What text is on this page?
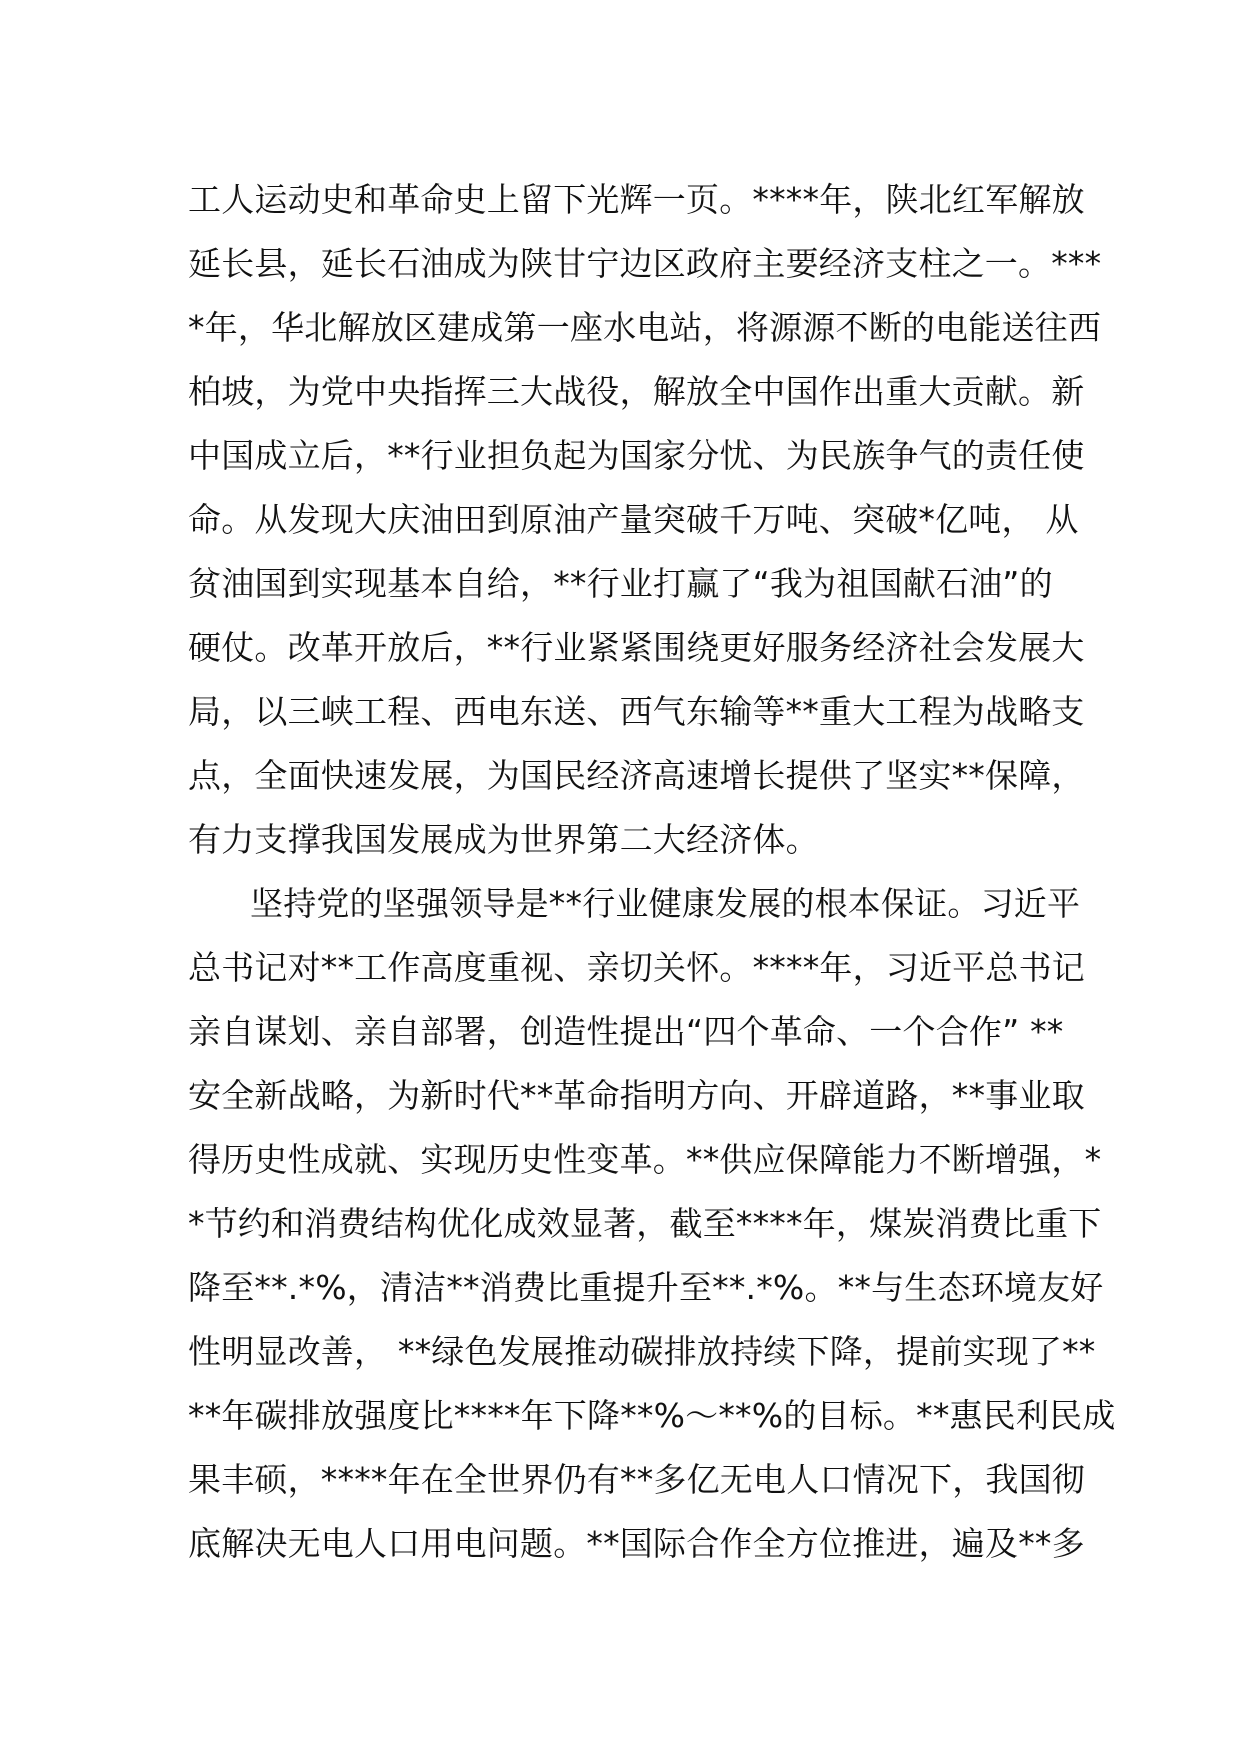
工人运动史和革命史上留下光辉一页。****年，陕北红军解放
延长县，延长石油成为陕甘宁边区政府主要经济支柱之一。***
*年，华北解放区建成第一座水电站，将源源不断的电能送往西
柏坡，为党中央指挥三大战役，解放全中国作出重大贡献。新
中国成立后，**行业担负起为国家分忧、为民族争气的责任使
命。从发现大庆油田到原油产量突破千万吨、突破*亿吨， 从
贫油国到实现基本自给，**行业打赢了“我为祖国献石油”的
硬仗。改革开放后，**行业紧紧围绕更好服务经济社会发展大
局，以三峡工程、西电东送、西气东输等**重大工程为战略支
点，全面快速发展，为国民经济高速增长提供了坚实**保障，
有力支撑我国发展成为世界第二大经济体。
坚持党的坚强领导是**行业健康发展的根本保证。习近平
总书记对**工作高度重视、亲切关怀。****年，习近平总书记
亲自谋划、亲自部署，创造性提出“四个革命、一个合作” **
安全新战略，为新时代**革命指明方向、开辟道路，**事业取
得历史性成就、实现历史性变革。**供应保障能力不断增强，*
*节约和消费结构优化成效显著，截至****年，煤炭消费比重下
降至**.*%，清洁**消费比重提升至**.*%。**与生态环境友好
性明显改善， **绿色发展推动碳排放持续下降，提前实现了**
**年碳排放强度比****年下降**%～**%的目标。**惠民利民成
果丰硕，****年在全世界仍有**多亿无电人口情况下，我国彻
底解决无电人口用电问题。**国际合作全方位推进，遍及**多
